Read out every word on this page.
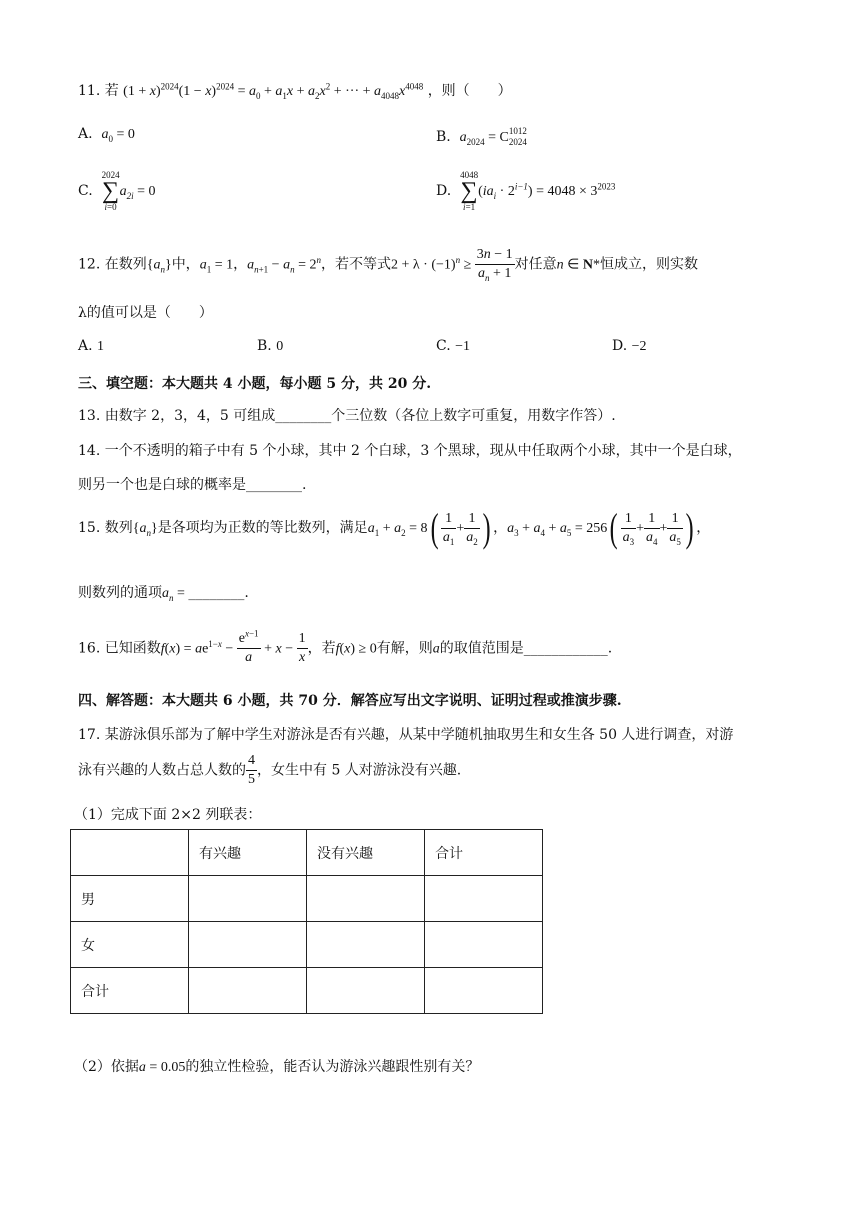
11. 若 $(1 + x)^{2024}(1 - x)^{2024} = a_0 + a_1x + a_2x^2$ + ··· + $a_{4048}x^{4048}$ ，则（　　）
A. $a_0 = 0$	B. $a_{2024} = C1012$
2024
C.
2024
∑
i=0
$a_{2i} = 0$	D.
4048
∑
i=1
$(ia_i \cdot 2^{i-1}) = 4048 \times 3^{2023}$
12. 在数列$\{a_n\}$中，$a_1 = 1$，$a_{n+1} - a_n = 2^n$，若不等式$2 + \lambda \cdot (-1)^n \ge \frac{3n - 1}{a_n + 1}$ 对任意n ∈ N*恒成立，则实数
λ的值可以是（　　）
A. 1	B. 0	C. −1	D. −2
三、填空题：本大题共 4 小题，每小题 5 分，共 20 分.
13. 由数字 2，3，4，5 可组成________个三位数（各位上数字可重复，用数字作答）.
14. 一个不透明的箱子中有 5 个小球，其中 2 个白球，3 个黑球，现从中任取两个小球，其中一个是白球，
则另一个也是白球的概率是________.
15. 数列$\{a_n\}$是各项均为正数的等比数列，满足$a_1 + a_2 = 8( \frac{1}{a_1} + \frac{1}{a_2}$ ) ，$a_3 + a_4 + a_5 = 256( \frac{1}{a_3} + \frac{1}{a_4} + \frac{1}{a_5}$ ) ，
则数列的通项$a_n$ = ________.
16. 已知函数$f(x) = ae^{1-x} - \frac{e^{x-1}}{a} + x - \frac{1}{x}$ ，若f(x) ≥ 0有解，则a的取值范围是____________.
四、解答题：本大题共 6 小题，共 70 分．解答应写出文字说明、证明过程或推演步骤.
17. 某游泳俱乐部为了解中学生对游泳是否有兴趣，从某中学随机抽取男生和女生各 50 人进行调查，对游
泳有兴趣的人数占总人数的 $\frac{4}{5}$ ，女生中有 5 人对游泳没有兴趣.
（1）完成下面 2×2 列联表：
	有兴趣	没有兴趣	合计
男			
女			
合计			
（2）依据a = 0.05的独立性检验，能否认为游泳兴趣跟性别有关？
